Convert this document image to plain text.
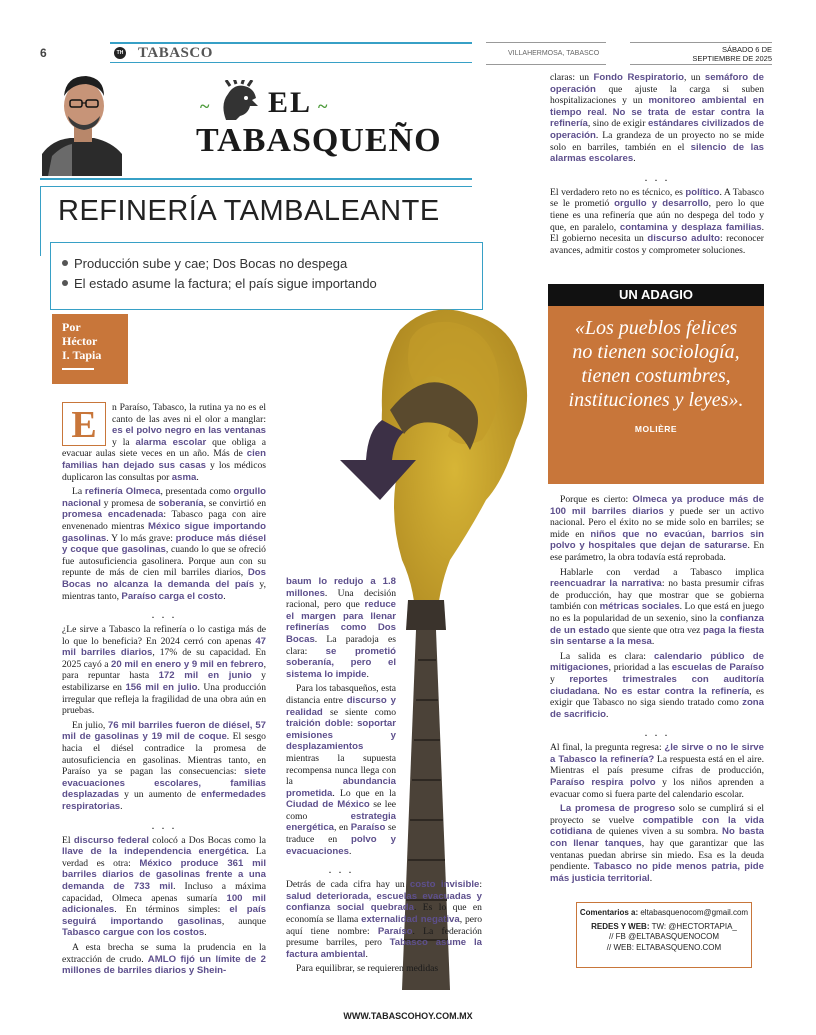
6	TH TABASCO	VILLAHERMOSA, TABASCO	SÁBADO 6 DE
SEPTIEMBRE DE 2025
~ EL ~
TABASQUEÑO
REFINERÍA TAMBALEANTE
Producción sube y cae; Dos Bocas no despega
El estado asume la factura; el país sigue importando
Por
Héctor
I. Tapia
E	n Paraíso, Tabasco, la rutina ya no es el canto de las aves ni el olor a manglar: es el polvo negro en las ventanas y la alarma escolar que obliga a evacuar aulas siete veces en un año. Más de cien familias han dejado sus casas y los médicos duplicaron las consultas por asma.

La refinería Olmeca, presentada como orgullo nacional y promesa de soberanía, se convirtió en promesa encadenada: Tabasco paga con aire envenenado mientras México sigue importando gasolinas. Y lo más grave: produce más diésel y coque que gasolinas, cuando lo que se ofreció fue autosuficiencia gasolinera. Porque aun con su repunte de más de cien mil barriles diarios, Dos Bocas no alcanza la demanda del país y, mientras tanto, Paraíso carga el costo.

. . .

¿Le sirve a Tabasco la refinería o lo castiga más de lo que lo beneficia? En 2024 cerró con apenas 47 mil barriles diarios, 17% de su capacidad. En 2025 cayó a 20 mil en enero y 9 mil en febrero, para repuntar hasta 172 mil en junio y estabilizarse en 156 mil en julio. Una producción irregular que refleja la fragilidad de una obra aún en pruebas.

En julio, 76 mil barriles fueron de diésel, 57 mil de gasolinas y 19 mil de coque. El sesgo hacia el diésel contradice la promesa de autosuficiencia en gasolinas. Mientras tanto, en Paraíso ya se pagan las consecuencias: siete evacuaciones escolares, familias desplazadas y un aumento de enfermedades respiratorias.

. . .

El discurso federal colocó a Dos Bocas como la llave de la independencia energética. La verdad es otra: México produce 361 mil barriles diarios de gasolinas frente a una demanda de 733 mil. Incluso a máxima capacidad, Olmeca apenas sumaría 100 mil adicionales. En términos simples: el país seguirá importando gasolinas, aunque Tabasco cargue con los costos.

A esta brecha se suma la prudencia en la extracción de crudo. AMLO fijó un límite de 2 millones de barriles diarios y Shein-

baum lo redujo a 1.8 millones. Una decisión racional, pero que reduce el margen para llenar refinerías como Dos Bocas. La paradoja es clara: se prometió soberanía, pero el sistema lo impide.

Para los tabasqueños, esta distancia entre discurso y realidad se siente como traición doble: soportar emisiones y desplazamientos mientras la supuesta recompensa nunca llega con la abundancia prometida. Lo que en la Ciudad de México se lee como estrategia energética, en Paraíso se traduce en polvo y evacuaciones.

. . .

Detrás de cada cifra hay un costo invisible: salud deteriorada, escuelas evacuadas y confianza social quebrada. Es lo que en economía se llama externalidad negativa, pero aquí tiene nombre: Paraíso. La federación presume barriles, pero Tabasco asume la factura ambiental.

Para equilibrar, se requieren medidas

claras: un Fondo Respiratorio, un semáforo de operación que ajuste la carga si suben hospitalizaciones y un monitoreo ambiental en tiempo real. No se trata de estar contra la refinería, sino de exigir estándares civilizados de operación. La grandeza de un proyecto no se mide solo en barriles, también en el silencio de las alarmas escolares.

. . .

El verdadero reto no es técnico, es político. A Tabasco se le prometió orgullo y desarrollo, pero lo que tiene es una refinería que aún no despega del todo y que, en paralelo, contamina y desplaza familias. El gobierno necesita un discurso adulto: reconocer avances, admitir costos y comprometer soluciones.

UN ADAGIO
«Los pueblos felices no tienen sociología, tienen costumbres, instituciones y leyes».
MOLIÈRE

Porque es cierto: Olmeca ya produce más de 100 mil barriles diarios y puede ser un activo nacional. Pero el éxito no se mide solo en barriles; se mide en niños que no evacúan, barrios sin polvo y hospitales que dejan de saturarse. En ese parámetro, la obra todavía está reprobada.

Hablarle con verdad a Tabasco implica reencuadrar la narrativa: no basta presumir cifras de producción, hay que mostrar que se gobierna también con métricas sociales. Lo que está en juego no es la popularidad de un sexenio, sino la confianza de un estado que siente que otra vez paga la fiesta sin sentarse a la mesa.

La salida es clara: calendario público de mitigaciones, prioridad a las escuelas de Paraíso y reportes trimestrales con auditoría ciudadana. No es estar contra la refinería, es exigir que Tabasco no siga siendo tratado como zona de sacrificio.

. . .

Al final, la pregunta regresa: ¿le sirve o no le sirve a Tabasco la refinería? La respuesta está en el aire. Mientras el país presume cifras de producción, Paraíso respira polvo y los niños aprenden a evacuar como si fuera parte del calendario escolar.

La promesa de progreso solo se cumplirá si el proyecto se vuelve compatible con la vida cotidiana de quienes viven a su sombra. No basta con llenar tanques, hay que garantizar que las ventanas puedan abrirse sin miedo. Esa es la deuda pendiente. Tabasco no pide menos patria, pide más justicia territorial.

Comentarios a: eltabasquenocom@gmail.com
REDES Y WEB: TW: @HECTORTAPIA_
// FB @ELTABASQUENOCOM
// WEB: ELTABASQUENO.COM
WWW.TABASCOHOY.COM.MX
